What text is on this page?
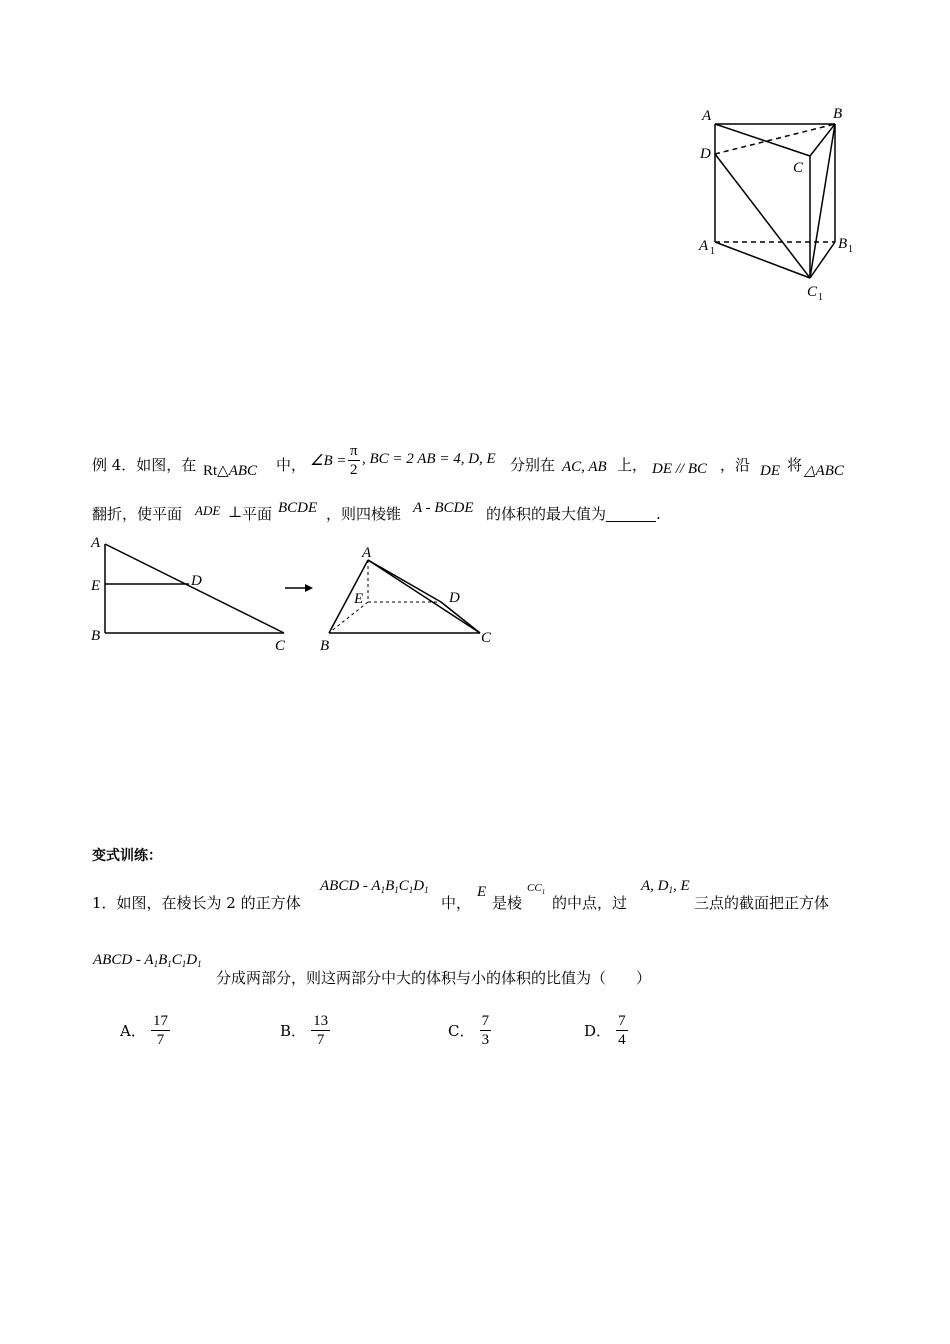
A	B
D
C
A 1	B 1
C 1
例 4．如图，在 Rt△ABC 中， ∠B = $\frac{\pi}{2}$ , BC = 2 AB = 4, D, E 分别在 AC, AB 上， DE // BC ，沿 DE 将 △ABC
翻折，使平面 ADE ⊥ 平面 BCDE ，则四棱锥 A - BCDE 的体积的最大值为	.
A
E	D
B
C
A
E	D
B	C
变式训练：
1．如图，在棱长为 2 的正方体
ABCD - $A_1B_1C_1D_1$
中，
E
是棱
$CC_1$
的中点，过
A, $D_1$, E
三点的截面把正方体
ABCD - $A_1B_1C_1D_1$
分成两部分，则这两部分中大的体积与小的体积的比值为（　　）
A． $\frac{17}{7}$	B． $\frac{13}{7}$	C． $\frac{7}{3}$	D． $\frac{7}{4}$
